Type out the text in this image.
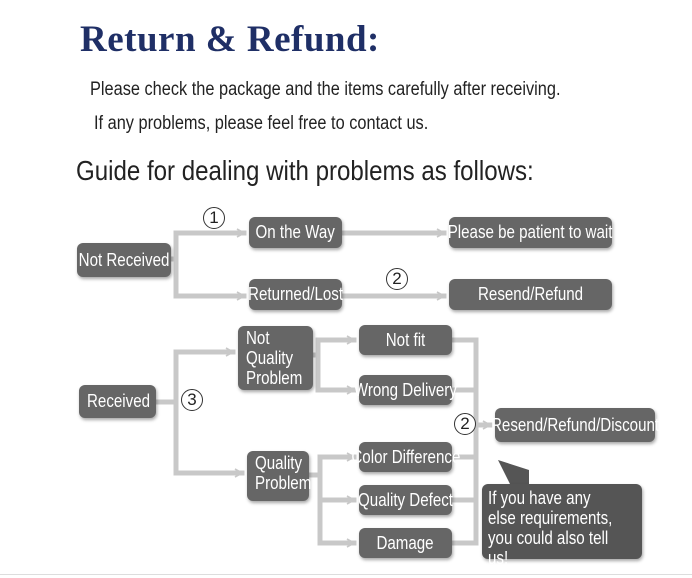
Return & Refund:
Please check the package and the items carefully after receiving.
If any problems, please feel free to contact us.
Guide for dealing with problems as follows:
1
2
3
2
Not Received
On the Way
Returned/Lost
Please be patient to wait
Resend/Refund
Received
Not Quality Problem
Quality Problem
Not fit
Wrong Delivery
Color Difference
Quality Defect
Damage
Resend/Refund/Discount
If you have any else requirements, you could also tell us!
